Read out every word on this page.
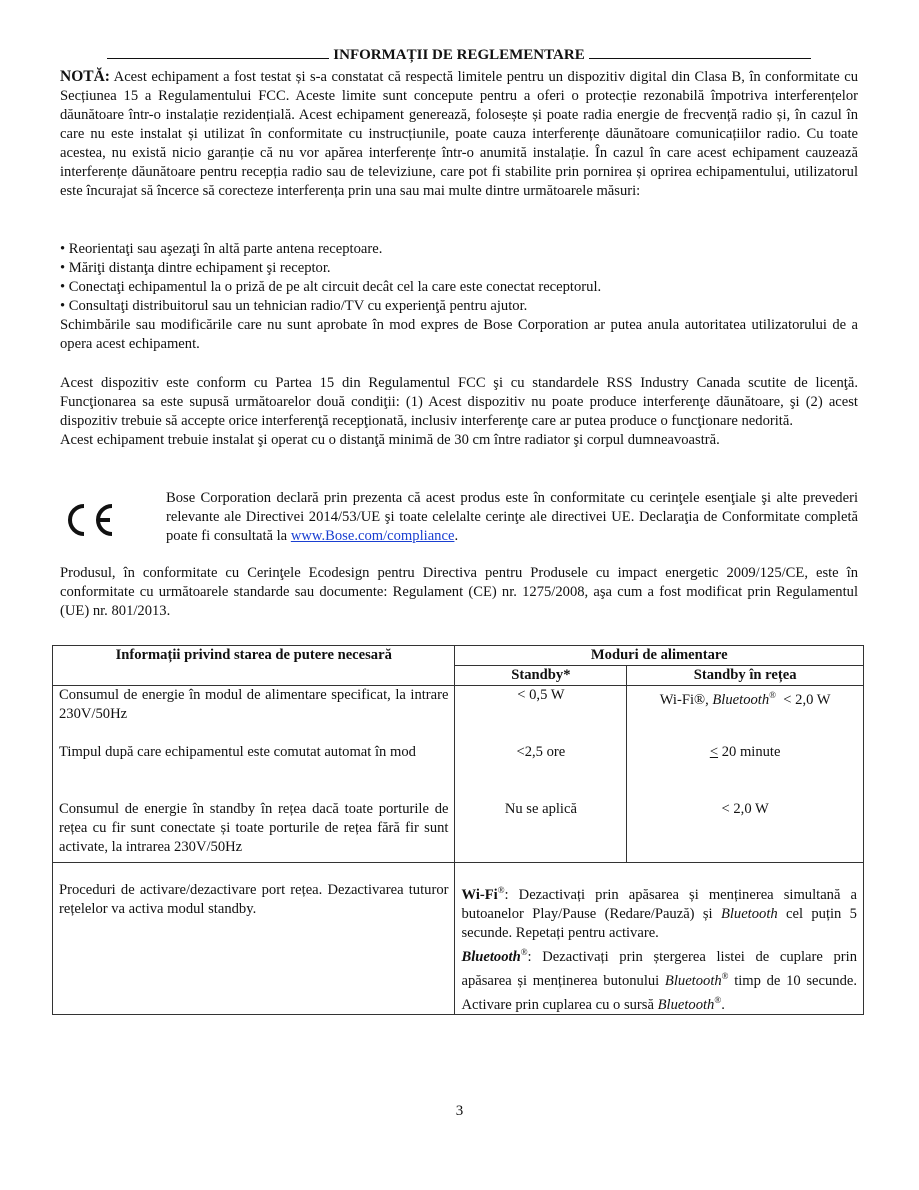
INFORMAȚII DE REGLEMENTARE

NOTĂ: Acest echipament a fost testat și s-a constatat că respectă limitele pentru un dispozitiv digital din Clasa B, în conformitate cu Secțiunea 15 a Regulamentului FCC. Aceste limite sunt concepute pentru a oferi o protecție rezonabilă împotriva interferențelor dăunătoare într-o instalație rezidențială. Acest echipament generează, folosește și poate radia energie de frecvență radio și, în cazul în care nu este instalat și utilizat în conformitate cu instrucțiunile, poate cauza interferențe dăunătoare comunicațiilor radio. Cu toate acestea, nu există nicio garanție că nu vor apărea interferențe într-o anumită instalație. În cazul în care acest echipament cauzează interferențe dăunătoare pentru recepția radio sau de televiziune, care pot fi stabilite prin pornirea și oprirea echipamentului, utilizatorul este încurajat să încerce să corecteze interferența prin una sau mai multe dintre următoarele măsuri:

• Reorientaţi sau aşezaţi în altă parte antena receptoare.

• Măriţi distanţa dintre echipament şi receptor.

• Conectaţi echipamentul la o priză de pe alt circuit decât cel la care este conectat receptorul.

• Consultaţi distribuitorul sau un tehnician radio/TV cu experienţă pentru ajutor.

Schimbările sau modificările care nu sunt aprobate în mod expres de Bose Corporation ar putea anula autoritatea utilizatorului de a opera acest echipament.

Acest dispozitiv este conform cu Partea 15 din Regulamentul FCC şi cu standardele RSS Industry Canada scutite de licenţă. Funcţionarea sa este supusă următoarelor două condiţii: (1) Acest dispozitiv nu poate produce interferenţe dăunătoare, şi (2) acest dispozitiv trebuie să accepte orice interferenţă recepţionată, inclusiv interferenţe care ar putea produce o funcţionare nedorită.

Acest echipament trebuie instalat şi operat cu o distanţă minimă de 30 cm între radiator şi corpul dumneavoastră.

Bose Corporation declară prin prezenta că acest produs este în conformitate cu cerinţele esenţiale şi alte prevederi relevante ale Directivei 2014/53/UE şi toate celelalte cerinţe ale directivei UE. Declaraţia de Conformitate completă poate fi consultată la www.Bose.com/compliance.

Produsul, în conformitate cu Cerinţele Ecodesign pentru Directiva pentru Produsele cu impact energetic 2009/125/CE, este în conformitate cu următoarele standarde sau documente: Regulament (CE) nr. 1275/2008, aşa cum a fost modificat prin Regulamentul (UE) nr. 801/2013.

Informații privind starea de putere necesară	Moduri de alimentare	
	Standby*	Standby în rețea
Consumul de energie în modul de alimentare specificat, la intrare 230V/50Hz	< 0,5 W	Wi-Fi®, Bluetooth®  < 2,0 W
Timpul după care echipamentul este comutat automat în mod	<2,5 ore	≤ 20 minute
Consumul de energie în standby în rețea dacă toate porturile de rețea cu fir sunt conectate și toate porturile de rețea fără fir sunt activate, la intrarea 230V/50Hz	Nu se aplică	< 2,0 W
Proceduri de activare/dezactivare port rețea. Dezactivarea tuturor rețelelor va activa modul standby.	Wi-Fi®: Dezactivați prin apăsarea și menținerea simultană a butoanelor Play/Pause (Redare/Pauză) și Bluetooth cel puțin 5 secunde. Repetați pentru activare.
Bluetooth®: Dezactivați prin ștergerea listei de cuplare prin apăsarea și menținerea butonului Bluetooth® timp de 10 secunde. Activare prin cuplarea cu o sursă Bluetooth®.	
3
